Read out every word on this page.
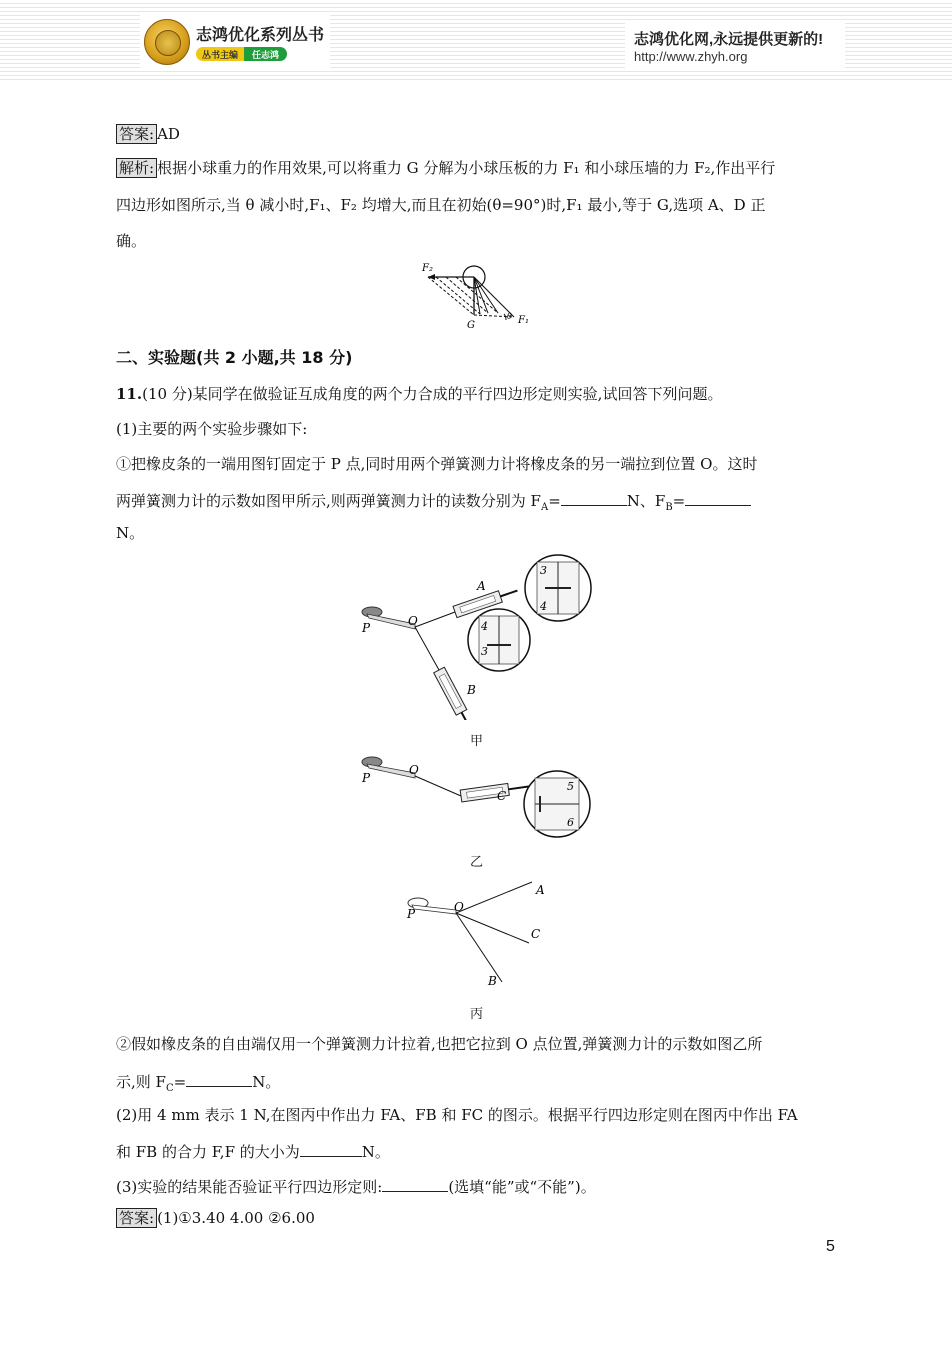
志鸿优化系列丛书
丛书主编	任志鸿
志鸿优化网,永远提供更新的!
http://www.zhyh.org
答案: AD
解析: 根据小球重力的作用效果,可以将重力 G 分解为小球压板的力 F₁ 和小球压墙的力 F₂,作出平行
四边形如图所示,当 θ 减小时,F₁、F₂ 均增大,而且在初始(θ=90°)时,F₁ 最小,等于 G,选项 A、D 正
确。
F₂
G
θ F₁
二、实验题(共 2 小题,共 18 分)
11.(10 分)某同学在做验证互成角度的两个力合成的平行四边形定则实验,试回答下列问题。
(1)主要的两个实验步骤如下:
①把橡皮条的一端用图钉固定于 P 点,同时用两个弹簧测力计将橡皮条的另一端拉到位置 O。这时
两弹簧测力计的示数如图甲所示,则两弹簧测力计的读数分别为 $F_A=$	N、$F_B=$
N。
3
4
4
3
P	O
A
B
甲
5
6
P
O
C
乙
P	O
A
C
B
丙
②假如橡皮条的自由端仅用一个弹簧测力计拉着,也把它拉到 O 点位置,弹簧测力计的示数如图乙所
示,则 $F_C=$	N。
(2)用 4 mm 表示 1 N,在图丙中作出力 FA、FB 和 FC 的图示。根据平行四边形定则在图丙中作出 FA
和 FB 的合力 F,F 的大小为	N。
(3)实验的结果能否验证平行四边形定则:	(选填“能”或“不能”)。
答案: (1)①3.40 4.00 ②6.00
5
